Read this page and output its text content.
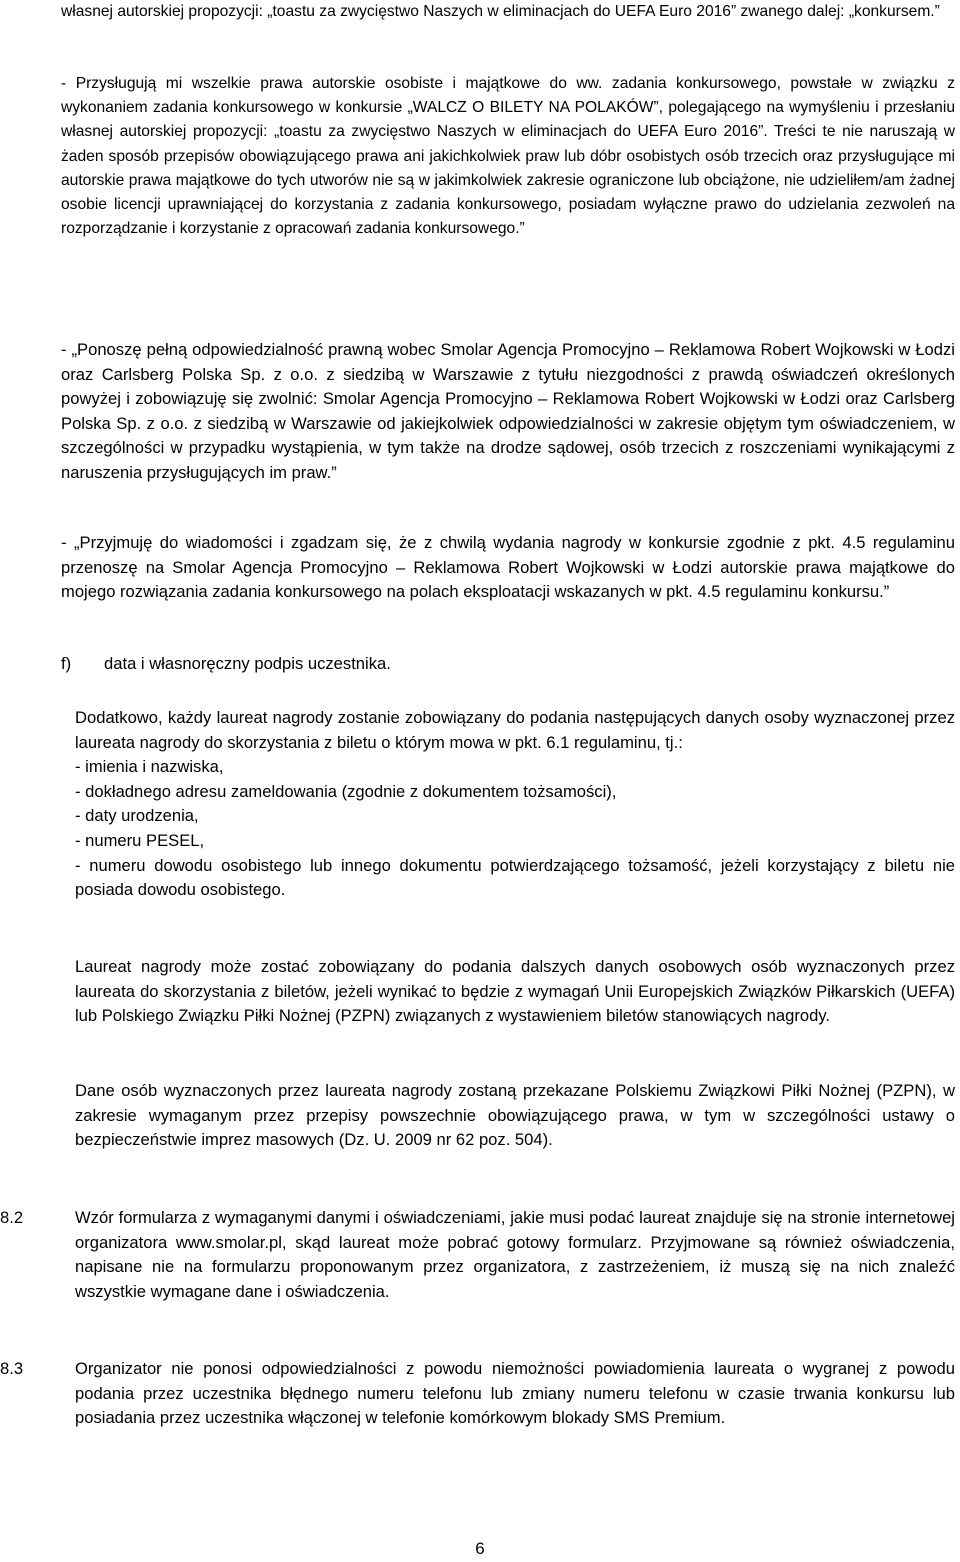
własnej autorskiej propozycji: „toastu za zwycięstwo Naszych w eliminacjach do UEFA Euro 2016” zwanego dalej: „konkursem.”

- Przysługują mi wszelkie prawa autorskie osobiste i majątkowe do ww. zadania konkursowego, powstałe w związku z wykonaniem zadania konkursowego w konkursie „WALCZ O BILETY NA POLAKÓW”, polegającego na wymyśleniu i przesłaniu własnej autorskiej propozycji: „toastu za zwycięstwo Naszych w eliminacjach do UEFA Euro 2016”. Treści te nie naruszają w żaden sposób przepisów obowiązującego prawa ani jakichkolwiek praw lub dóbr osobistych osób trzecich oraz przysługujące mi autorskie prawa majątkowe do tych utworów nie są w jakimkolwiek zakresie ograniczone lub obciążone, nie udzieliłem/am żadnej osobie licencji uprawniającej do korzystania z zadania konkursowego, posiadam wyłączne prawo do udzielania zezwoleń na rozporządzanie i korzystanie z opracowań zadania konkursowego.”

- „Ponoszę pełną odpowiedzialność prawną wobec Smolar Agencja Promocyjno – Reklamowa Robert Wojkowski w Łodzi oraz Carlsberg Polska Sp. z o.o. z siedzibą w Warszawie z tytułu niezgodności z prawdą oświadczeń określonych powyżej i zobowiązuję się zwolnić: Smolar Agencja Promocyjno – Reklamowa Robert Wojkowski w Łodzi oraz Carlsberg Polska Sp. z o.o. z siedzibą w Warszawie od jakiejkolwiek odpowiedzialności w zakresie objętym tym oświadczeniem, w szczególności w przypadku wystąpienia, w tym także na drodze sądowej, osób trzecich z roszczeniami wynikającymi z naruszenia przysługujących im praw.”

- „Przyjmuję do wiadomości i zgadzam się, że z chwilą wydania nagrody w konkursie zgodnie z pkt. 4.5 regulaminu przenoszę na Smolar Agencja Promocyjno – Reklamowa Robert Wojkowski w Łodzi autorskie prawa majątkowe do mojego rozwiązania zadania konkursowego na polach eksploatacji wskazanych w pkt. 4.5 regulaminu konkursu.”

f) data i własnoręczny podpis uczestnika.

Dodatkowo, każdy laureat nagrody zostanie zobowiązany do podania następujących danych osoby wyznaczonej przez laureata nagrody do skorzystania z biletu o którym mowa w pkt. 6.1 regulaminu, tj.:
- imienia i nazwiska,
- dokładnego adresu zameldowania (zgodnie z dokumentem tożsamości),
- daty urodzenia,
- numeru PESEL,
- numeru dowodu osobistego lub innego dokumentu potwierdzającego tożsamość, jeżeli korzystający z biletu nie posiada dowodu osobistego.

Laureat nagrody może zostać zobowiązany do podania dalszych danych osobowych osób wyznaczonych przez laureata do skorzystania z biletów, jeżeli wynikać to będzie z wymagań Unii Europejskich Związków Piłkarskich (UEFA) lub Polskiego Związku Piłki Nożnej (PZPN) związanych z wystawieniem biletów stanowiących nagrody.

Dane osób wyznaczonych przez laureata nagrody zostaną przekazane Polskiemu Związkowi Piłki Nożnej (PZPN), w zakresie wymaganym przez przepisy powszechnie obowiązującego prawa, w tym w szczególności ustawy o bezpieczeństwie imprez masowych (Dz. U. 2009 nr 62 poz. 504).

8.2	Wzór formularza z wymaganymi danymi i oświadczeniami, jakie musi podać laureat znajduje się na stronie internetowej organizatora www.smolar.pl, skąd laureat może pobrać gotowy formularz. Przyjmowane są również oświadczenia, napisane nie na formularzu proponowanym przez organizatora, z zastrzeżeniem, iż muszą się na nich znaleźć wszystkie wymagane dane i oświadczenia.

8.3	Organizator nie ponosi odpowiedzialności z powodu niemożności powiadomienia laureata o wygranej z powodu podania przez uczestnika błędnego numeru telefonu lub zmiany numeru telefonu w czasie trwania konkursu lub posiadania przez uczestnika włączonej w telefonie komórkowym blokady SMS Premium.

6
